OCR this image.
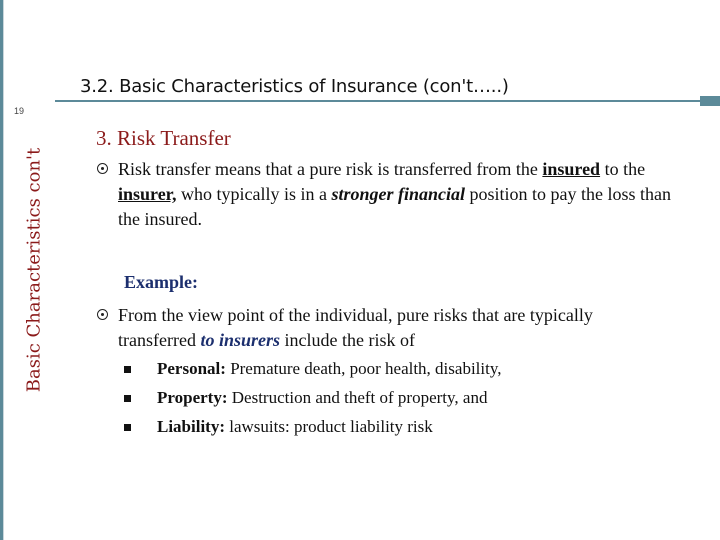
Basic Characteristics con't
19
3.2. Basic Characteristics of Insurance (con't…..)
3. Risk Transfer
Risk transfer means that a pure risk is transferred from the insured to the insurer, who typically is in a stronger financial position to pay the loss than the insured.
Example:
From the view point of the individual, pure risks that are typically transferred to insurers include the risk of
Personal: Premature death, poor health, disability,
Property: Destruction and theft of property, and
Liability: lawsuits: product liability risk
